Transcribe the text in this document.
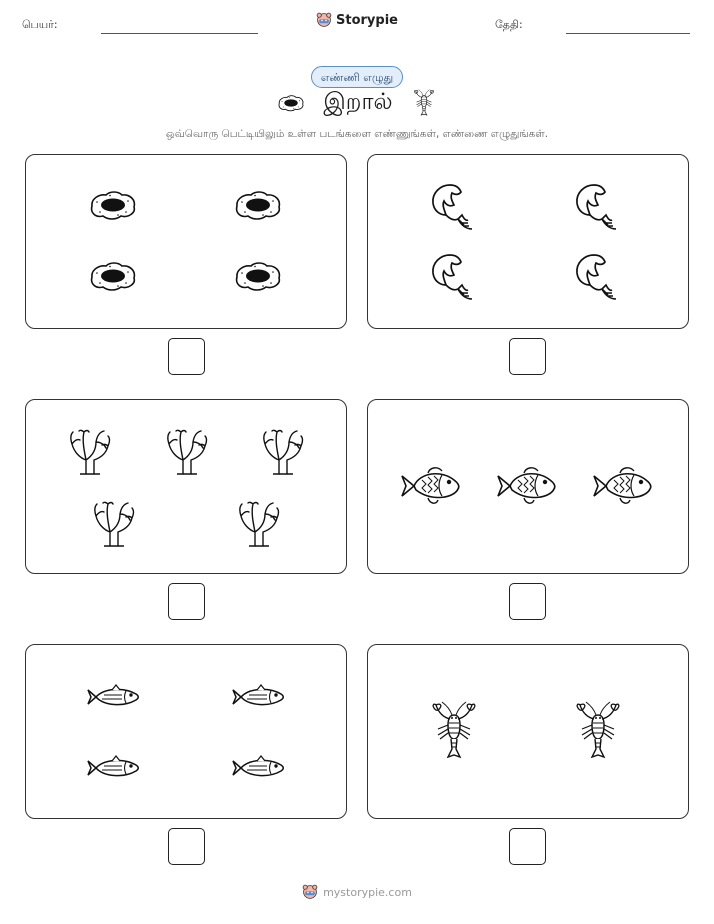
பெயர்:	Storypie	தேதி:
எண்ணி எழுது
இறால்
ஒவ்வொரு பெட்டியிலும் உள்ள படங்களை எண்ணுங்கள், எண்ணை எழுதுங்கள்.
mystorypie.com
